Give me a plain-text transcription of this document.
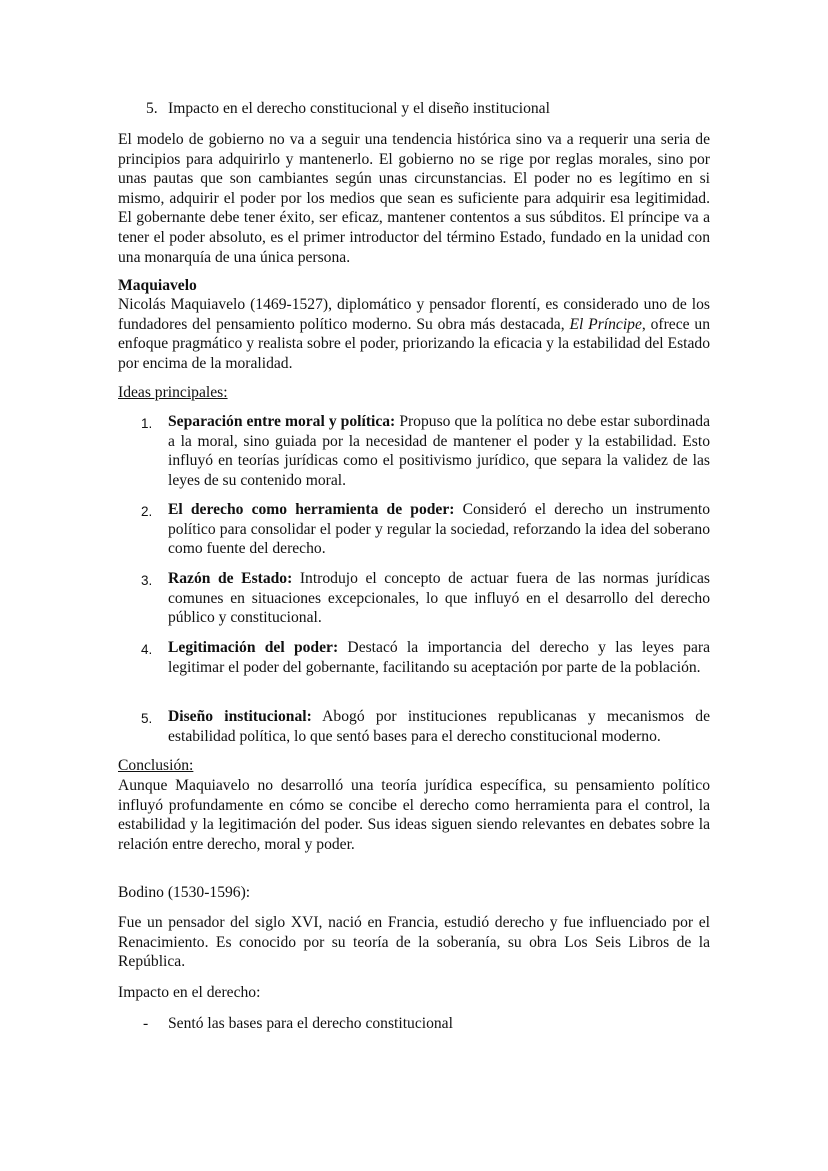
5. Impacto en el derecho constitucional y el diseño institucional
El modelo de gobierno no va a seguir una tendencia histórica sino va a requerir una seria de principios para adquirirlo y mantenerlo. El gobierno no se rige por reglas morales, sino por unas pautas que son cambiantes según unas circunstancias. El poder no es legítimo en si mismo, adquirir el poder por los medios que sean es suficiente para adquirir esa legitimidad. El gobernante debe tener éxito, ser eficaz, mantener contentos a sus súbditos. El príncipe va a tener el poder absoluto, es el primer introductor del término Estado, fundado en la unidad con una monarquía de una única persona.
Maquiavelo
Nicolás Maquiavelo (1469-1527), diplomático y pensador florentí, es considerado uno de los fundadores del pensamiento político moderno. Su obra más destacada, El Príncipe, ofrece un enfoque pragmático y realista sobre el poder, priorizando la eficacia y la estabilidad del Estado por encima de la moralidad.
Ideas principales:
1.	Separación entre moral y política: Propuso que la política no debe estar subordinada a la moral, sino guiada por la necesidad de mantener el poder y la estabilidad. Esto influyó en teorías jurídicas como el positivismo jurídico, que separa la validez de las leyes de su contenido moral.
2.	El derecho como herramienta de poder: Consideró el derecho un instrumento político para consolidar el poder y regular la sociedad, reforzando la idea del soberano como fuente del derecho.
3.	Razón de Estado: Introdujo el concepto de actuar fuera de las normas jurídicas comunes en situaciones excepcionales, lo que influyó en el desarrollo del derecho público y constitucional.
4.	Legitimación del poder: Destacó la importancia del derecho y las leyes para legitimar el poder del gobernante, facilitando su aceptación por parte de la población.
5.	Diseño institucional: Abogó por instituciones republicanas y mecanismos de estabilidad política, lo que sentó bases para el derecho constitucional moderno.
Conclusión:
Aunque Maquiavelo no desarrolló una teoría jurídica específica, su pensamiento político influyó profundamente en cómo se concibe el derecho como herramienta para el control, la estabilidad y la legitimación del poder. Sus ideas siguen siendo relevantes en debates sobre la relación entre derecho, moral y poder.
Bodino (1530-1596):
Fue un pensador del siglo XVI, nació en Francia, estudió derecho y fue influenciado por el Renacimiento. Es conocido por su teoría de la soberanía, su obra Los Seis Libros de la República.
Impacto en el derecho:
-	Sentó las bases para el derecho constitucional
